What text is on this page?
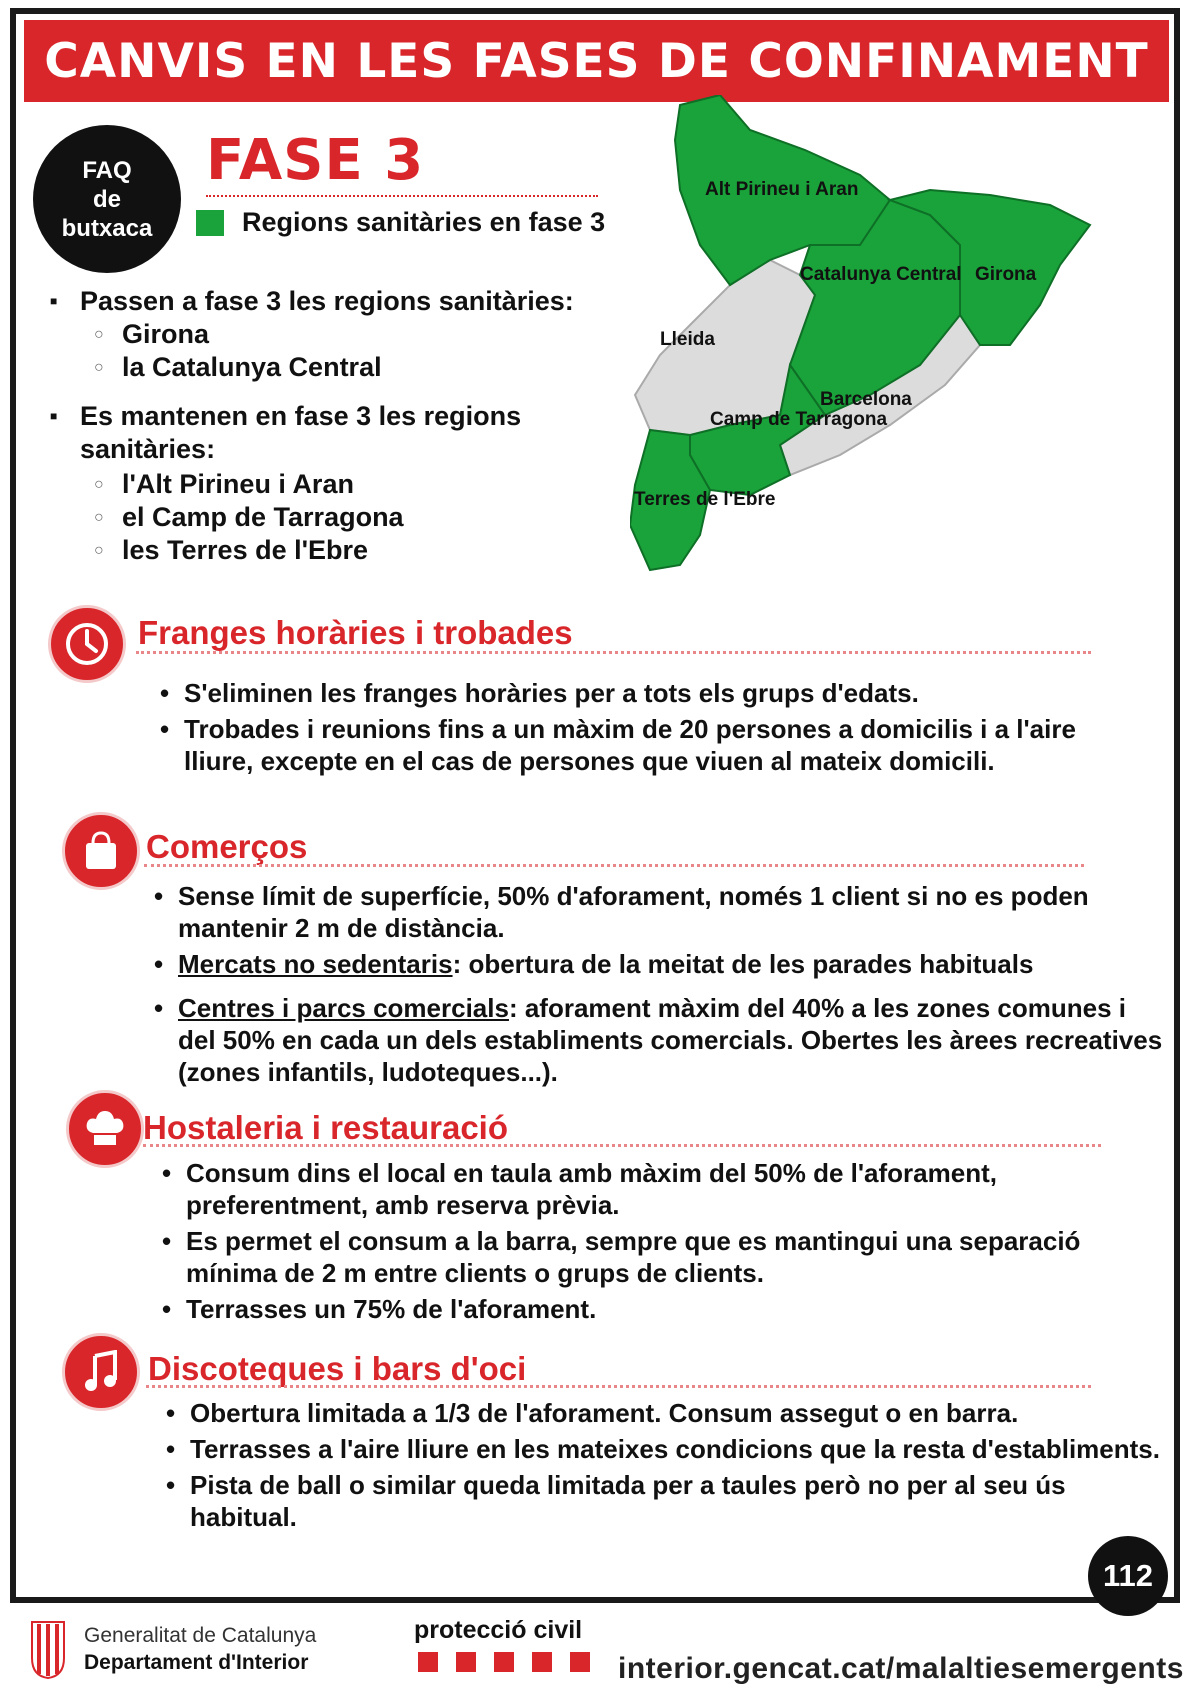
CANVIS EN LES FASES DE CONFINAMENT
FAQ
de
butxaca
FASE 3
Regions sanitàries en fase 3
■ Passen a fase 3 les regions sanitàries:
○ Girona
○ la Catalunya Central
■ Es mantenen en fase 3 les regions sanitàries:
○ l'Alt Pirineu i Aran
○ el Camp de Tarragona
○ les Terres de l'Ebre
Alt Pirineu i Aran
Catalunya Central Girona
Lleida
Barcelona
Camp de Tarragona
Terres de l'Ebre
Franges horàries i trobades
• S'eliminen les franges horàries per a tots els grups d'edats.
• Trobades i reunions fins a un màxim de 20 persones a domicilis i a l'aire lliure, excepte en el cas de persones que viuen al mateix domicili.
Comerços
• Sense límit de superfície, 50% d'aforament, només 1 client si no es poden mantenir 2 m de distància.
• Mercats no sedentaris: obertura de la meitat de les parades habituals
• Centres i parcs comercials: aforament màxim del 40% a les zones comunes i del 50% en cada un dels establiments comercials. Obertes les àrees recreatives (zones infantils, ludoteques...).
Hostaleria i restauració
• Consum dins el local en taula amb màxim del 50% de l'aforament, preferentment, amb reserva prèvia.
• Es permet el consum a la barra, sempre que es mantingui una separació mínima de 2 m entre clients o grups de clients.
• Terrasses un 75% de l'aforament.
Discoteques i bars d'oci
• Obertura limitada a 1/3 de l'aforament. Consum assegut o en barra.
• Terrasses a l'aire lliure en les mateixes condicions que la resta d'establiments.
• Pista de ball o similar queda limitada per a taules però no per al seu ús habitual.
112
Generalitat de Catalunya
Departament d'Interior
protecció civil
interior.gencat.cat/malaltiesemergents
